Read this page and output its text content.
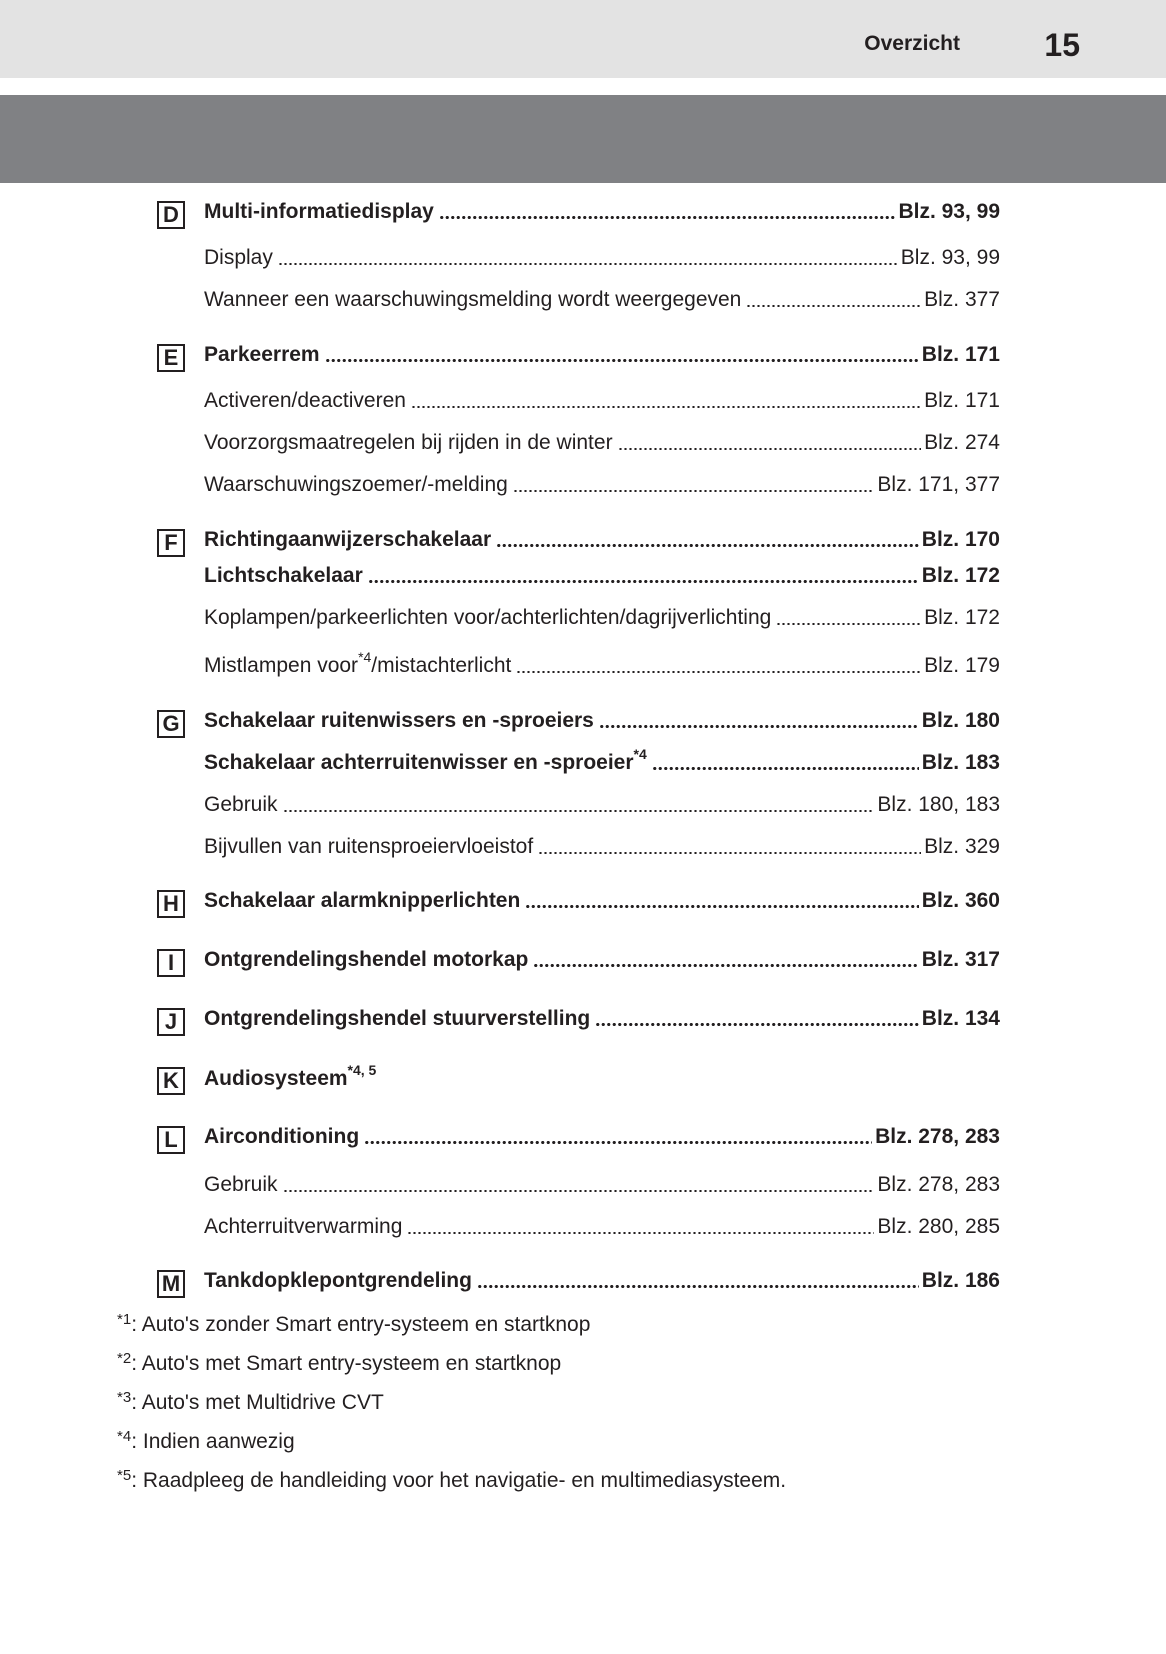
Overzicht	15
D Multi-informatiedisplay	Blz. 93, 99
Display	Blz. 93, 99
Wanneer een waarschuwingsmelding wordt weergegeven	Blz. 377
E	Parkeerrem	Blz. 171
Activeren/deactiveren	Blz. 171
Voorzorgsmaatregelen bij rijden in de winter	Blz. 274
Waarschuwingszoemer/-melding	Blz. 171, 377
F	Richtingaanwijzerschakelaar	Blz. 170
Lichtschakelaar	Blz. 172
Koplampen/parkeerlichten voor/achterlichten/dagrijverlichting	Blz. 172
Mistlampen voor$^{*4}$/mistachterlicht	Blz. 179
G Schakelaar ruitenwissers en -sproeiers	Blz. 180
Schakelaar achterruitenwisser en -sproeier$^{*4}$	Blz. 183
Gebruik	Blz. 180, 183
Bijvullen van ruitensproeiervloeistof	Blz. 329
H Schakelaar alarmknipperlichten	Blz. 360
I	Ontgrendelingshendel motorkap	Blz. 317
J	Ontgrendelingshendel stuurverstelling	Blz. 134
K Audiosysteem$^{*4, 5}$
L	Airconditioning	Blz. 278, 283
Gebruik	Blz. 278, 283
Achterruitverwarming	Blz. 280, 285
M Tankdopklepontgrendeling	Blz. 186
$^{*1}$: Auto's zonder Smart entry-systeem en startknop
$^{*2}$: Auto's met Smart entry-systeem en startknop
$^{*3}$: Auto's met Multidrive CVT
$^{*4}$: Indien aanwezig
$^{*5}$: Raadpleeg de handleiding voor het navigatie- en multimediasysteem.
